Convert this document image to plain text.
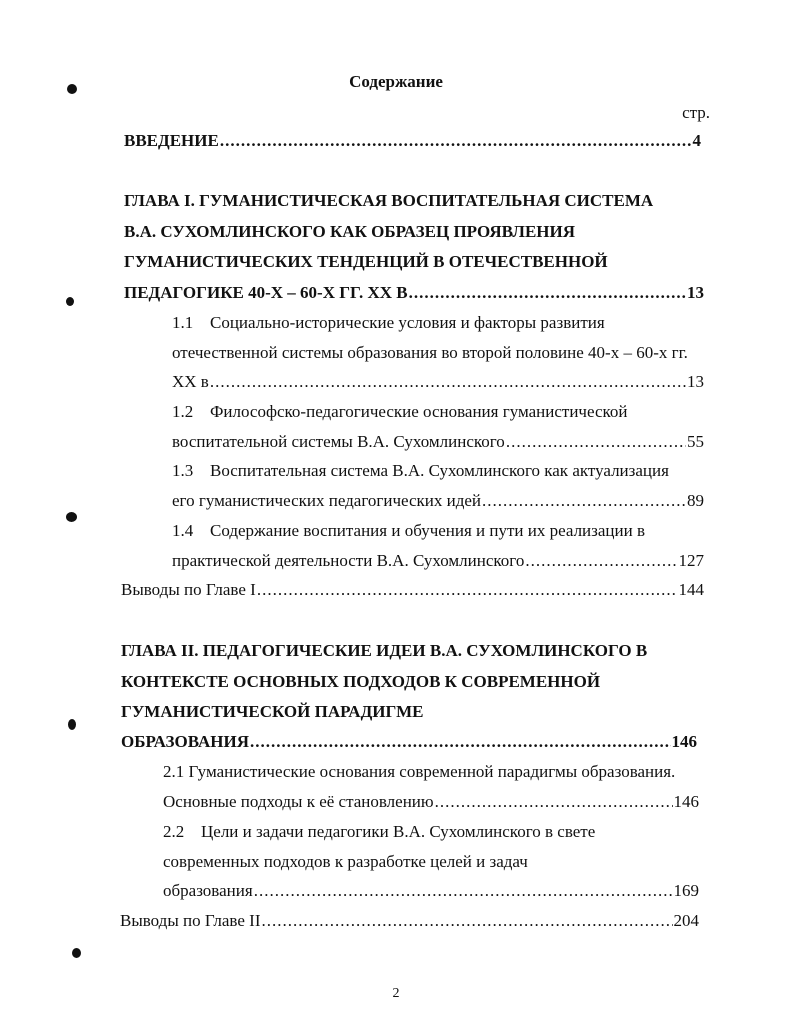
Содержание
стр.
ВВЕДЕНИЕ .....	4
ГЛАВА I. ГУМАНИСТИЧЕСКАЯ ВОСПИТАТЕЛЬНАЯ СИСТЕМА
В.А. СУХОМЛИНСКОГО КАК ОБРАЗЕЦ ПРОЯВЛЕНИЯ
ГУМАНИСТИЧЕСКИХ ТЕНДЕНЦИЙ В ОТЕЧЕСТВЕННОЙ
ПЕДАГОГИКЕ 40-Х – 60-Х ГГ. XX В .....	13
1.1 Социально-исторические условия и факторы развития
отечественной системы образования во второй половине 40-х – 60-х гг.
XX в .....	13
1.2 Философско-педагогические основания гуманистической
воспитательной системы В.А. Сухомлинского .....	55
1.3 Воспитательная система В.А. Сухомлинского как актуализация
его гуманистических педагогических идей .....	89
1.4 Содержание воспитания и обучения и пути их реализации в
практической деятельности В.А. Сухомлинского .....	127
Выводы по Главе I .....	144
ГЛАВА II. ПЕДАГОГИЧЕСКИЕ ИДЕИ В.А. СУХОМЛИНСКОГО В
КОНТЕКСТЕ ОСНОВНЫХ ПОДХОДОВ К СОВРЕМЕННОЙ
ГУМАНИСТИЧЕСКОЙ ПАРАДИГМЕ
ОБРАЗОВАНИЯ .....	146
2.1 Гуманистические основания современной парадигмы образования.
Основные подходы к её становлению .....	146
2.2 Цели и задачи педагогики В.А. Сухомлинского в свете
современных подходов к разработке целей и задач
образования .....	169
Выводы по Главе II .....	204
2
